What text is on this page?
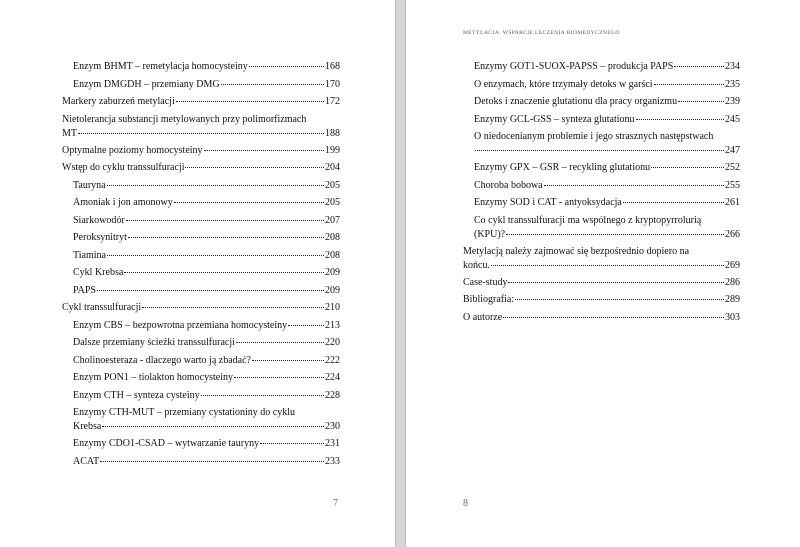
Enzym BHMT – remetylacja homocysteiny	168
Enzym DMGDH – przemiany DMG	170
Markery zaburzeń metylacji	172
Nietolerancja substancji metylowanych przy polimorfizmach
MT	188
Optymalne poziomy homocysteiny	199
Wstęp do cyklu transsulfuracji	204
Tauryna	205
Amoniak i jon amonowy	205
Siarkowodór	207
Peroksynitryt	208
Tiamina	208
Cykl Krebsa	209
PAPS	209
Cykl transsulfuracji	210
Enzym CBS – bezpowrotna przemiana homocysteiny	213
Dalsze przemiany ścieżki transsulfuracji	220
Cholinoesteraza - dlaczego warto ją zbadać?	222
Enzym PON1 – tiolakton homocysteiny	224
Enzym CTH – synteza cysteiny	228
Enzymy CTH-MUT – przemiany cystationiny do cyklu
Krebsa	230
Enzymy CDO1-CSAD – wytwarzanie tauryny	231
ACAT	233
7
METYLACJA. WSPARCIE LECZENIA BIOMEDYCZNEGO
Enzymy GOT1-SUOX-PAPSS – produkcja PAPS	234
O enzymach, które trzymały detoks w garści	235
Detoks i znaczenie glutationu dla pracy organizmu	239
Enzymy GCL-GSS – synteza glutationu	245
O niedocenianym problemie i jego strasznych następstwach
247
Enzymy GPX – GSR – recykling glutationu	252
Choroba bobowa	255
Enzymy SOD i CAT - antyoksydacja	261
Co cykl transsulfuracji ma wspólnego z kryptopyrrolurią
(KPU)?	266
Metylacją należy zajmować się bezpośrednio dopiero na
końcu.	269
Case-study	286
Bibliografia:	289
O autorze	303
8
